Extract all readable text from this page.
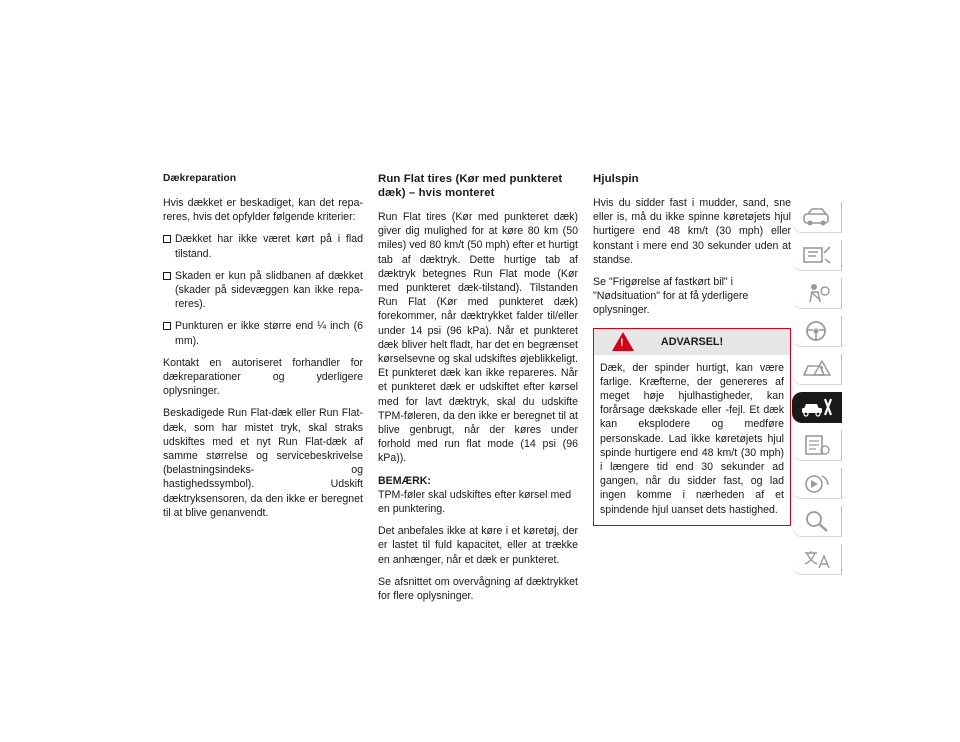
Dækreparation

Hvis dækket er beskadiget, kan det repareres, hvis det opfylder følgende kriterier:

Dækket har ikke været kørt på i flad tilstand.
Skaden er kun på slidbanen af dækket (skader på sidevæggen kan ikke repareres).
Punkturen er ikke større end ¼ inch (6 mm).

Kontakt en autoriseret forhandler for dækreparationer og yderligere oplysninger.

Beskadigede Run Flat-dæk eller Run Flat-dæk, som har mistet tryk, skal straks udskiftes med et nyt Run Flat-dæk af samme størrelse og servicebeskrivelse (belastningsindeks- og hastighedssymbol). Udskift dæktryksensoren, da den ikke er beregnet til at blive genanvendt.

Run Flat tires (Kør med punkteret dæk) – hvis monteret

Run Flat tires (Kør med punkteret dæk) giver dig mulighed for at køre 80 km (50 miles) ved 80 km/t (50 mph) efter et hurtigt tab af dæktryk. Dette hurtige tab af dæktryk betegnes Run Flat mode (Kør med punkteret dæk-tilstand). Tilstanden Run Flat (Kør med punkteret dæk) forekommer, når dæktrykket falder til/eller under 14 psi (96 kPa). Når et punkteret dæk bliver helt fladt, har det en begrænset kørselsevne og skal udskiftes øjeblikkeligt. Et punkteret dæk kan ikke repareres. Når et punkteret dæk er udskiftet efter kørsel med for lavt dæktryk, skal du udskifte TPM-føleren, da den ikke er beregnet til at blive genbrugt, når der køres under forhold med run flat mode (14 psi (96 kPa)).

BEMÆRK:
TPM-føler skal udskiftes efter kørsel med en punktering.

Det anbefales ikke at køre i et køretøj, der er lastet til fuld kapacitet, eller at trække en anhænger, når et dæk er punkteret.

Se afsnittet om overvågning af dæktrykket for flere oplysninger.

Hjulspin

Hvis du sidder fast i mudder, sand, sne eller is, må du ikke spinne køretøjets hjul hurtigere end 48 km/t (30 mph) eller konstant i mere end 30 sekunder uden at standse.

Se "Frigørelse af fastkørt bil" i "Nødsituation" for at få yderligere oplysninger.

!	ADVARSEL!

Dæk, der spinder hurtigt, kan være farlige. Kræfterne, der genereres af meget høje hjulhastigheder, kan forårsage dækskade eller -fejl. Et dæk kan eksplodere og medføre personskade. Lad ikke køretøjets hjul spinde hurtigere end 48 km/t (30 mph) i længere tid end 30 sekunder ad gangen, når du sidder fast, og lad ingen komme i nærheden af et spindende hjul uanset dets hastighed.
